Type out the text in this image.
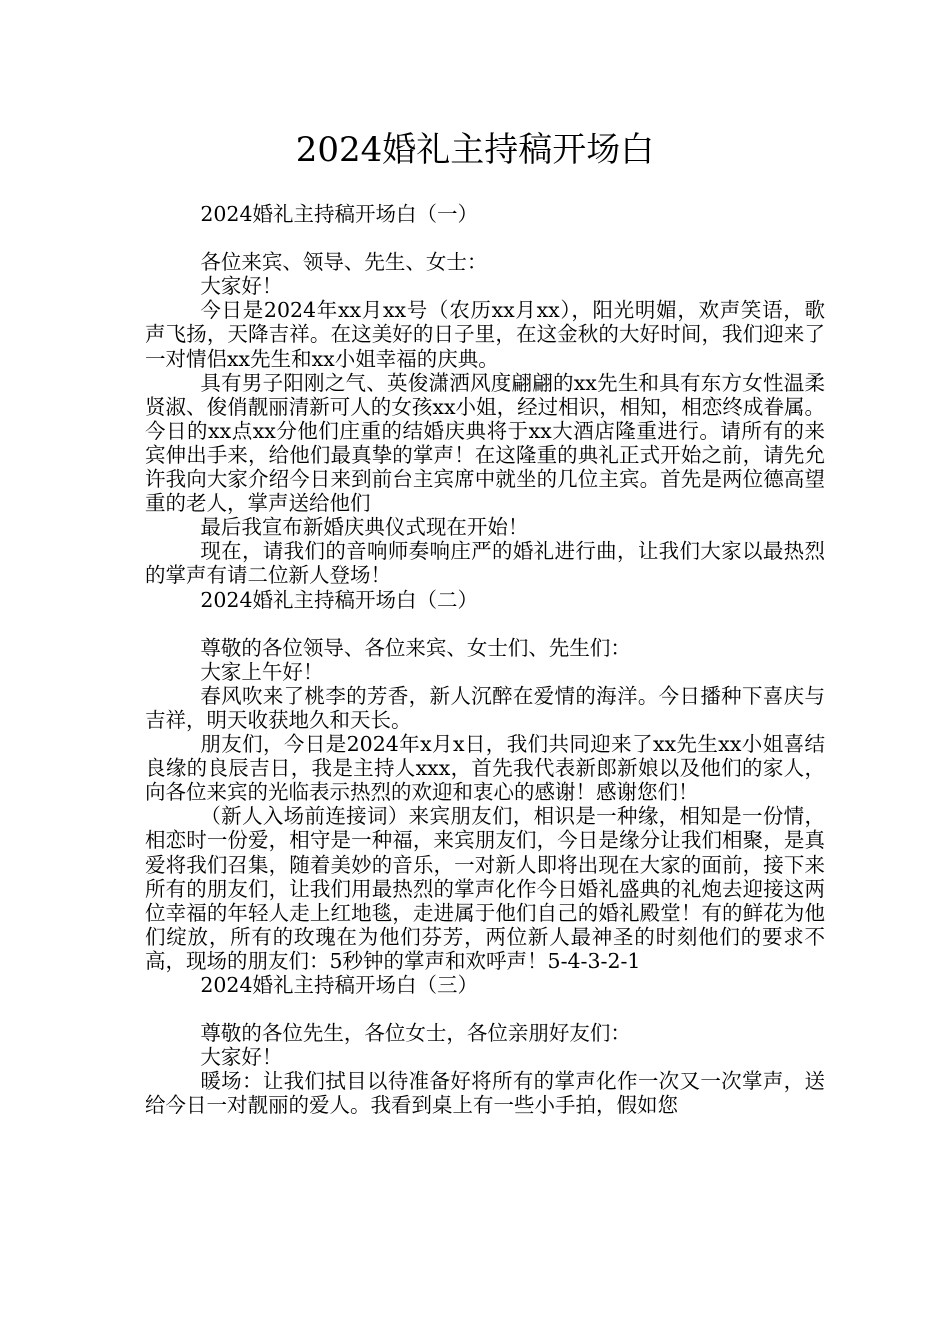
2024婚礼主持稿开场白

2024婚礼主持稿开场白（一）

各位来宾、领导、先生、女士：

大家好！

今日是2024年xx月xx号（农历xx月xx），阳光明媚，欢声笑语，歌声飞扬，天降吉祥。在这美好的日子里，在这金秋的大好时间，我们迎来了一对情侣xx先生和xx小姐幸福的庆典。

具有男子阳刚之气、英俊潇洒风度翩翩的xx先生和具有东方女性温柔贤淑、俊俏靓丽清新可人的女孩xx小姐，经过相识，相知，相恋终成眷属。今日的xx点xx分他们庄重的结婚庆典将于xx大酒店隆重进行。请所有的来宾伸出手来，给他们最真挚的掌声！在这隆重的典礼正式开始之前，请先允许我向大家介绍今日来到前台主宾席中就坐的几位主宾。首先是两位德高望重的老人，掌声送给他们

最后我宣布新婚庆典仪式现在开始！

现在，请我们的音响师奏响庄严的婚礼进行曲，让我们大家以最热烈的掌声有请二位新人登场！

2024婚礼主持稿开场白（二）

尊敬的各位领导、各位来宾、女士们、先生们：

大家上午好！

春风吹来了桃李的芳香，新人沉醉在爱情的海洋。今日播种下喜庆与吉祥，明天收获地久和天长。

朋友们，今日是2024年x月x日，我们共同迎来了xx先生xx小姐喜结良缘的良辰吉日，我是主持人xxx，首先我代表新郎新娘以及他们的家人，向各位来宾的光临表示热烈的欢迎和衷心的感谢！感谢您们！

（新人入场前连接词）来宾朋友们，相识是一种缘，相知是一份情，相恋时一份爱，相守是一种福，来宾朋友们，今日是缘分让我们相聚，是真爱将我们召集，随着美妙的音乐，一对新人即将出现在大家的面前，接下来所有的朋友们，让我们用最热烈的掌声化作今日婚礼盛典的礼炮去迎接这两位幸福的年轻人走上红地毯，走进属于他们自己的婚礼殿堂！有的鲜花为他们绽放，所有的玫瑰在为他们芬芳，两位新人最神圣的时刻他们的要求不高，现场的朋友们：5秒钟的掌声和欢呼声！5-4-3-2-1

2024婚礼主持稿开场白（三）

尊敬的各位先生，各位女士，各位亲朋好友们：

大家好！

暖场：让我们拭目以待准备好将所有的掌声化作一次又一次掌声，送给今日一对靓丽的爱人。我看到桌上有一些小手拍，假如您
